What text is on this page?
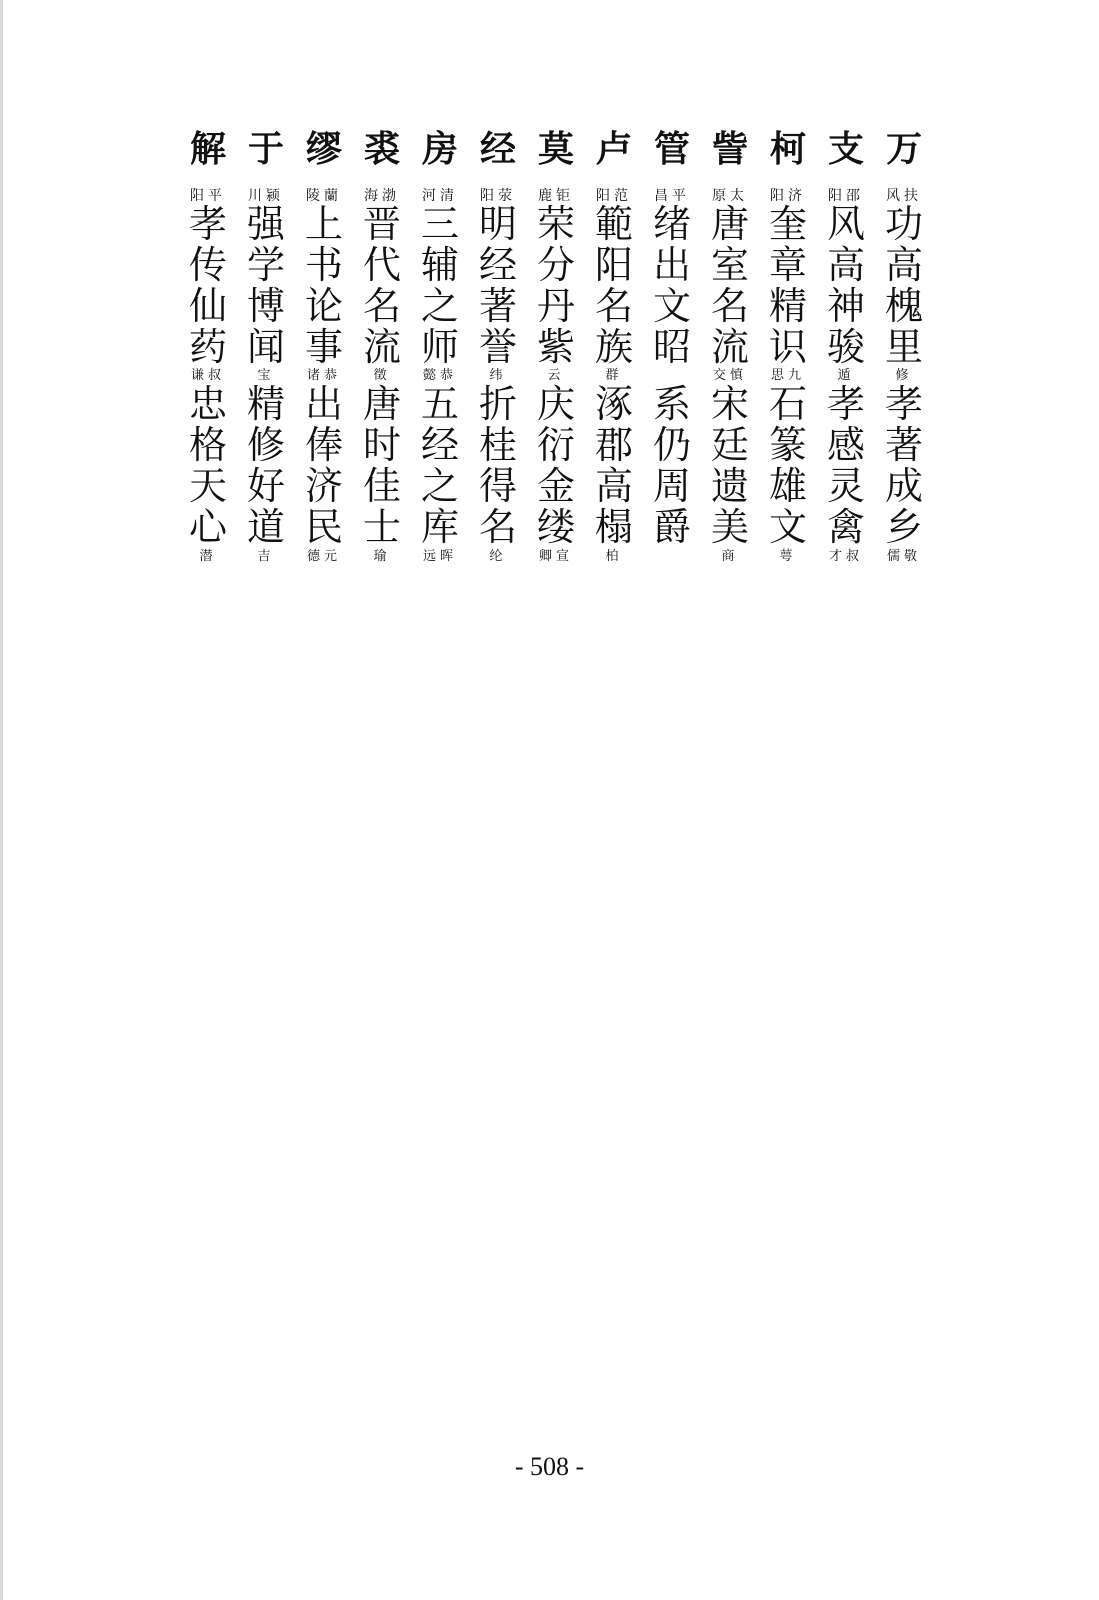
万
扶风
功
高
槐
里
修
孝
著
成
乡
敬儒
支
邵阳
风
高
神
骏
遁
孝
感
灵
禽
叔才
柯
济阳
奎
章
精
识
九思
石
篆
雄
文
萼
訾
太原
唐
室
名
流
慎交
宋
廷
遗
美
商
管
平昌
绪
出
文
昭
系
仍
周
爵
卢
范阳
範
阳
名
族
群
涿
郡
高
榻
柏
莫
钜鹿
荣
分
丹
紫
云
庆
衍
金
缕
宣卿
经
荥阳
明
经
著
誉
纬
折
桂
得
名
纶
房
清河
三
辅
之
师
恭懿
五
经
之
库
晖远
裘
渤海
晋
代
名
流
徵
唐
时
佳
士
瑜
缪
蘭陵
上
书
论
事
恭诸
出
俸
济
民
元德
于
颍川
强
学
博
闻
宝
精
修
好
道
吉
解
平阳
孝
传
仙
药
叔谦
忠
格
天
心
潜
- 508 -
